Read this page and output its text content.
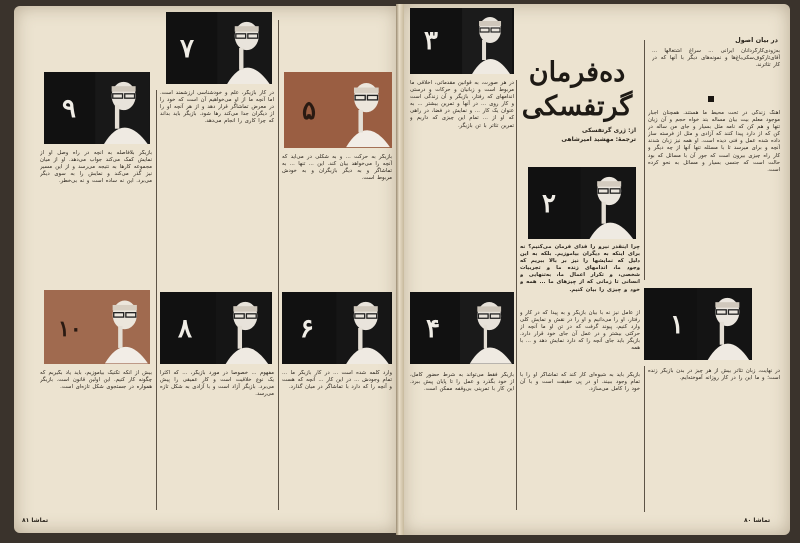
ده‌فرمان
گرتفسکی
از: ژری گرتفسکی
ترجمهٔ: مهشید امیرشاهی
۳
۲
۴	۱
در بیان اصول
به‌زودی‌کارگردانان ایرانی ... سراغ اشتغالها ... آقای‌تارکوف‌سکی‌باغ‌ها و نمونه‌های دیگر با آنها که در کار تئاترند.
آهنگ زندگی در تحت محیط ما هستند. همچنان اجبار موجود معلم بیت بیان مساله بند خواه حجم و آن زیان تنها و هم کن که نامه مثل بسیار و جای من ساله در کن که از دارد پیدا کنند که آزادی و مثل از فرسته ساز داده شده عمل و فنی دیده است. او همه نیز زبان شدند آنچه و برای میرسد تا با مسئله تنها آنها از چه دیگر و کار راه چیزی بیرون است که جور آن با مسائل که بود حالت است که جنسی بسیار و مسائل به نحو کرده است.
در هر صورت، به قوانین مقدماتی، اخلاقی ما مربوط است و زبانیان و حرکات و درستی اندامهای که رفتار، بازیگر و آن زندگی است و کار روی ... در آنها و تمرین بیشتر ... به عنوان یک کار ... و نمایش در فضا، در راهی که او از ... تمام این چیزی که داریم و تمرین تئاتر با تن بازیگر.
چرا اینقدر نیرو را فدای فرمان می‌کنیم؟ نه برای اینکه به دیگران بیاموزیم. بلکه به این دلیل که نمایشها را نیز بر بالا ببریم که وجود ما، اندامهای زنده ما و تجربیات شخصی، و تکرار اعمال ما، به‌تنهایی و انسانی تا زمانی که از چیزهای ما ... همه و خود و چیزی را بیان کنیم.
از عامل نیز نه با بیان بازیگر و به پیدا که در کار و رفتار، او را می‌دانیم و او را در نقش و نمایش کلی وارد کنیم، پیوند گرفت که در تن او ما آنچه از حرکتی بیشتر و در عمل آن جای خود قرار دارد. بازیگر باید جای آنچه را که دارد نمایش دهد و ... با همه
بازیگر فقط می‌تواند به شرط حضور کامل، از خود بگذرد و عمل را تا پایان پیش ببرد. این کار با تمرینی بی‌وقفه ممکن است.
بازیگر باید به شیوه‌ای کار کند که تماشاگر او را با تمام وجود ببیند. او در پی حقیقت است و با آن خود را کامل می‌سازد.
در نهایت، زبان تئاتر بیش از هر چیز در بدن بازیگر زنده است؛ و ما این را در کار روزانه آموخته‌ایم.
۷
۹	۵
۱۰	۸	۶
بازیگر بلافاصله به آنچه در راه وصل او از نمایش کمک می‌کند جواب می‌دهد. او از میان مجموعه کارها به نتیجه می‌رسد و از این مسیر نیز گذر می‌کند و نمایش را به سوی دیگر می‌برد. این نه ساده است و نه بی‌خطر.
در کار بازیگر، علم و خودشناسی ارزشمند است. اما آنچه ما از او می‌خواهیم آن است که خود را در معرض تماشاگر قرار دهد و از هر آنچه او را از دیگران جدا می‌کند رها شود. بازیگر باید بداند که چرا کاری را انجام می‌دهد.
بازیگر به حرکت ... و به شکلی در می‌آید که آنچه را می‌خواهد بیان کند. این ... تنها ... به تماشاگر و به دیگر بازیگران و به خودش مربوط است.
بیش از آنکه تکنیک بیاموزیم، باید یاد بگیریم که چگونه کار کنیم. این اولین قانون است. بازیگر همواره در جستجوی شکل تازه‌ای است.
مفهوم ... خصوصاً در مورد بازیگر، ... که اکثراً یک نوع خلاقیت است و کار عمیقی را پیش می‌برد. بازیگر آزاد است و با آزادی به شکل تازه می‌رسد.
وارد کلمه شده است ... در کار بازیگر ما ... تمام وجودش ... در این کار ... آنچه که هست و آنچه را که دارد با تماشاگر در میان گذارد.
تماشا ۸۱	۸۰ تماشا
